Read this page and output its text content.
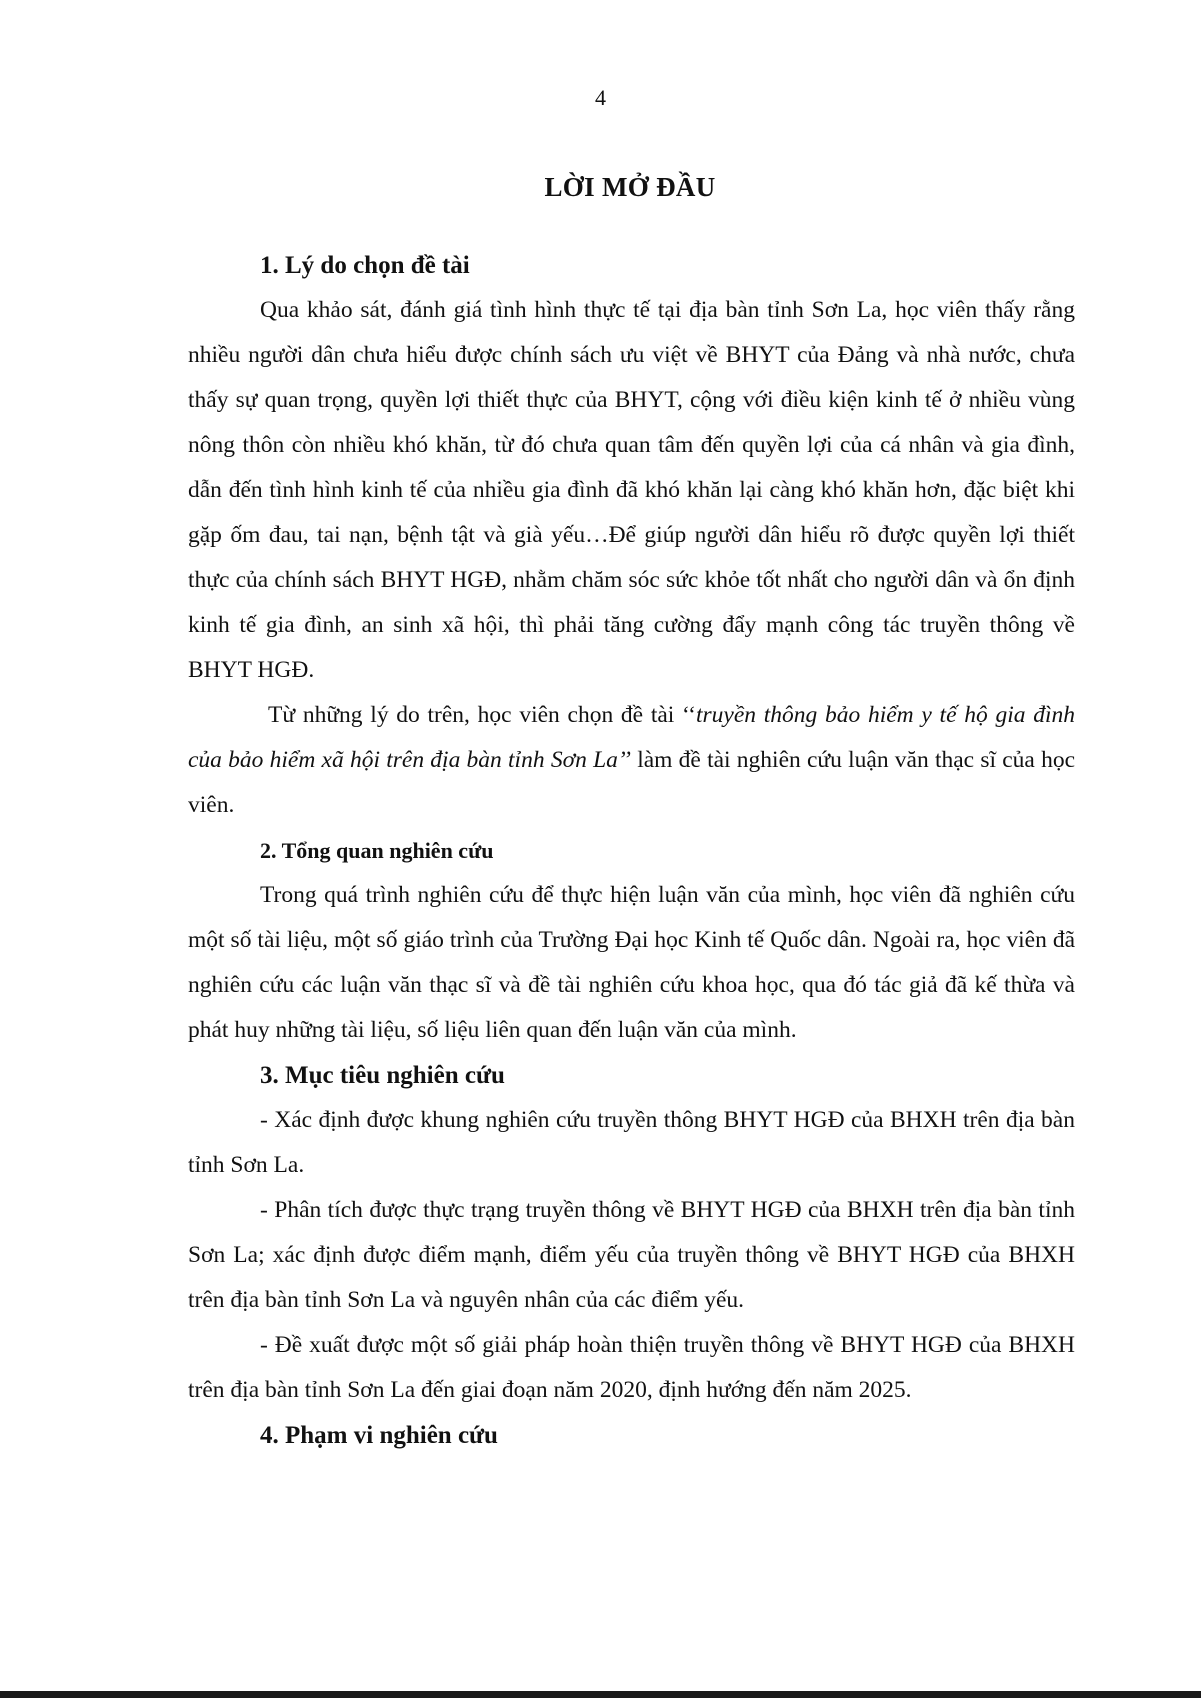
4
LỜI MỞ ĐẦU

1. Lý do chọn đề tài

Qua khảo sát, đánh giá tình hình thực tế tại địa bàn tỉnh Sơn La, học viên thấy rằng nhiều người dân chưa hiểu được chính sách ưu việt về BHYT của Đảng và nhà nước, chưa thấy sự quan trọng, quyền lợi thiết thực của BHYT, cộng với điều kiện kinh tế ở nhiều vùng nông thôn còn nhiều khó khăn, từ đó chưa quan tâm đến quyền lợi của cá nhân và gia đình, dẫn đến tình hình kinh tế của nhiều gia đình đã khó khăn lại càng khó khăn hơn, đặc biệt khi gặp ốm đau, tai nạn, bệnh tật và già yếu…Để giúp người dân hiểu rõ được quyền lợi thiết thực của chính sách BHYT HGĐ, nhằm chăm sóc sức khỏe tốt nhất cho người dân và ổn định kinh tế gia đình, an sinh xã hội, thì phải tăng cường đẩy mạnh công tác truyền thông về BHYT HGĐ.

Từ những lý do trên, học viên chọn đề tài ‘‘truyền thông bảo hiểm y tế hộ gia đình của bảo hiểm xã hội trên địa bàn tỉnh Sơn La’’ làm đề tài nghiên cứu luận văn thạc sĩ của học viên.

2. Tổng quan nghiên cứu

Trong quá trình nghiên cứu để thực hiện luận văn của mình, học viên đã nghiên cứu một số tài liệu, một số giáo trình của Trường Đại học Kinh tế Quốc dân. Ngoài ra, học viên đã nghiên cứu các luận văn thạc sĩ và đề tài nghiên cứu khoa học, qua đó tác giả đã kế thừa và phát huy những tài liệu, số liệu liên quan đến luận văn của mình.

3. Mục tiêu nghiên cứu

- Xác định được khung nghiên cứu truyền thông BHYT HGĐ của BHXH trên địa bàn tỉnh Sơn La.

- Phân tích được thực trạng truyền thông về BHYT HGĐ của BHXH trên địa bàn tỉnh Sơn La; xác định được điểm mạnh, điểm yếu của truyền thông về BHYT HGĐ của BHXH trên địa bàn tỉnh Sơn La và nguyên nhân của các điểm yếu.

- Đề xuất được một số giải pháp hoàn thiện truyền thông về BHYT HGĐ của BHXH trên địa bàn tỉnh Sơn La đến giai đoạn năm 2020, định hướng đến năm 2025.

4. Phạm vi nghiên cứu
